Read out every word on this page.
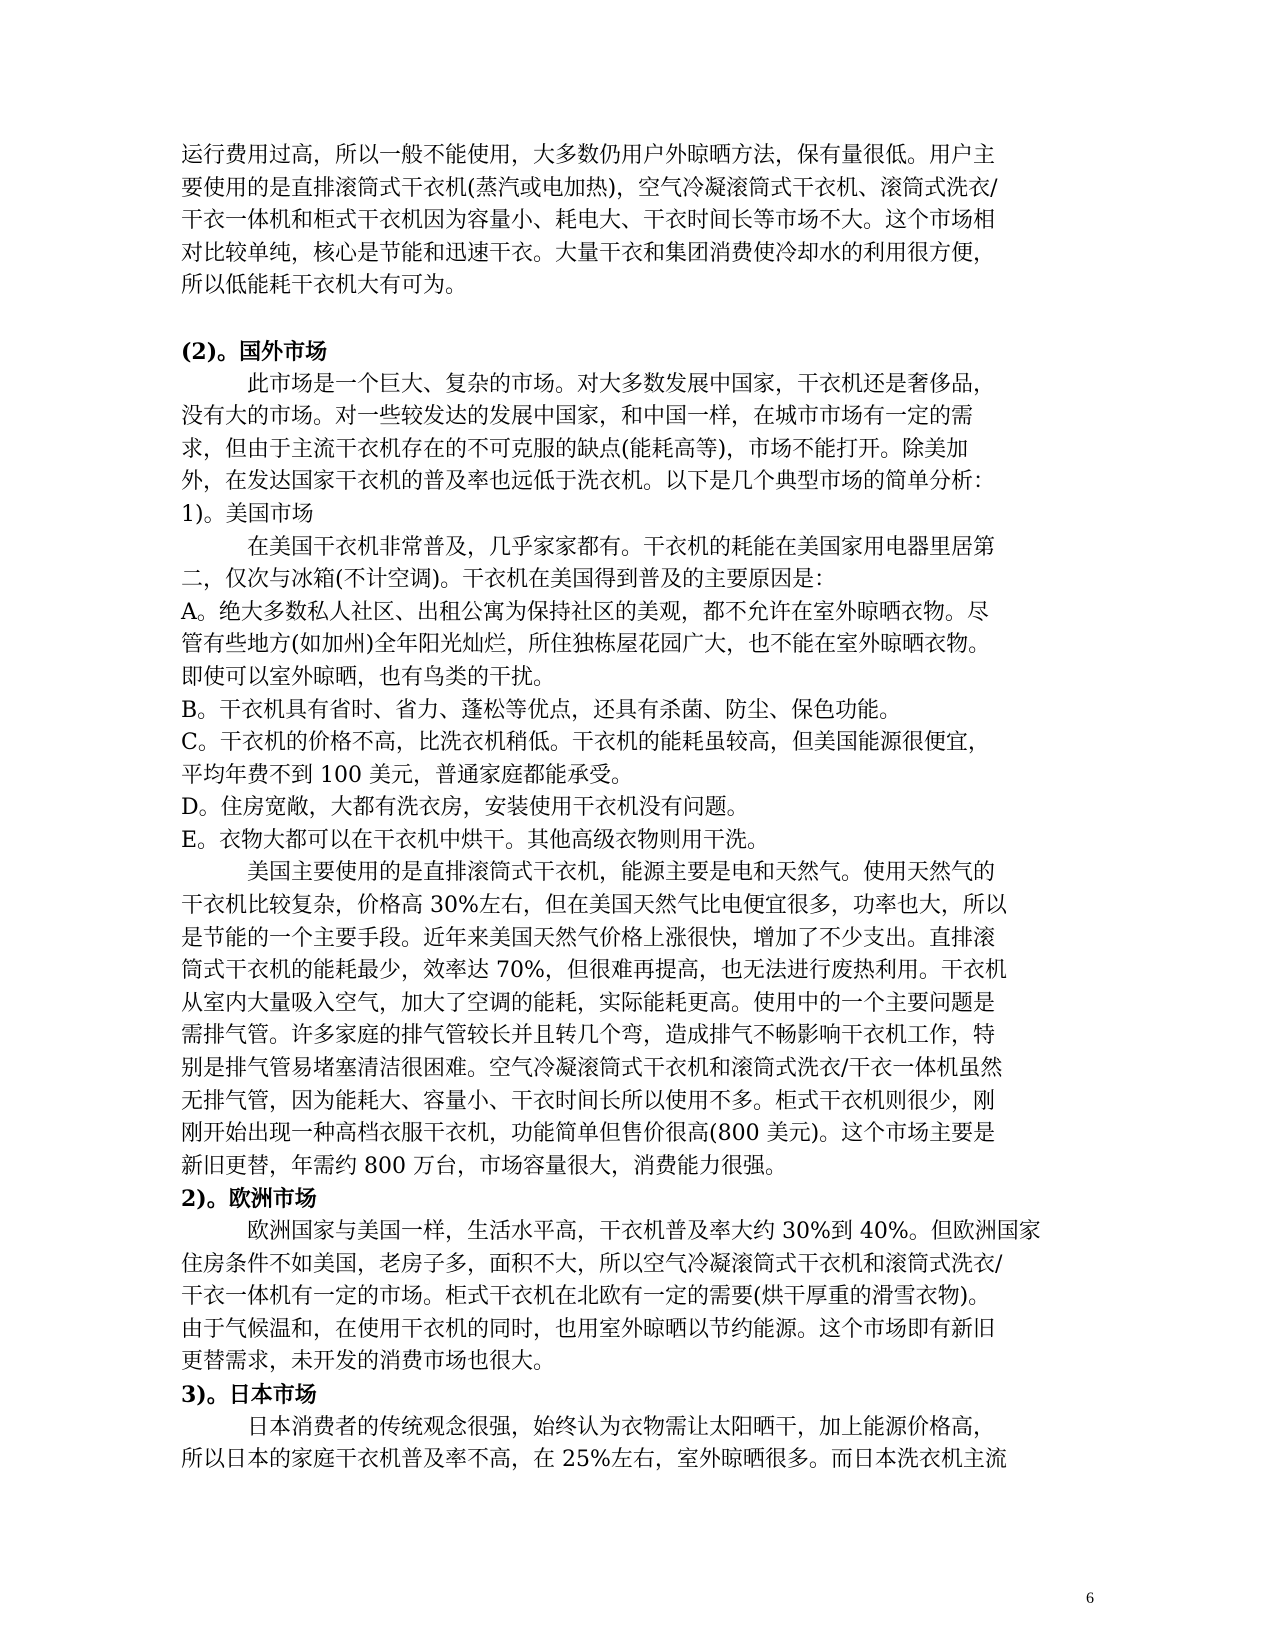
运行费用过高，所以一般不能使用，大多数仍用户外晾晒方法，保有量很低。用户主

要使用的是直排滚筒式干衣机(蒸汽或电加热)，空气冷凝滚筒式干衣机、滚筒式洗衣/

干衣一体机和柜式干衣机因为容量小、耗电大、干衣时间长等市场不大。这个市场相

对比较单纯，核心是节能和迅速干衣。大量干衣和集团消费使冷却水的利用很方便，

所以低能耗干衣机大有可为。

(2)。国外市场

此市场是一个巨大、复杂的市场。对大多数发展中国家，干衣机还是奢侈品，

没有大的市场。对一些较发达的发展中国家，和中国一样，在城市市场有一定的需

求，但由于主流干衣机存在的不可克服的缺点(能耗高等)，市场不能打开。除美加

外，在发达国家干衣机的普及率也远低于洗衣机。以下是几个典型市场的简单分析：

1)。美国市场

在美国干衣机非常普及，几乎家家都有。干衣机的耗能在美国家用电器里居第

二，仅次与冰箱(不计空调)。干衣机在美国得到普及的主要原因是：

A。绝大多数私人社区、出租公寓为保持社区的美观，都不允许在室外晾晒衣物。尽

管有些地方(如加州)全年阳光灿烂，所住独栋屋花园广大，也不能在室外晾晒衣物。

即使可以室外晾晒，也有鸟类的干扰。

B。干衣机具有省时、省力、蓬松等优点，还具有杀菌、防尘、保色功能。

C。干衣机的价格不高，比洗衣机稍低。干衣机的能耗虽较高，但美国能源很便宜，

平均年费不到 100 美元，普通家庭都能承受。

D。住房宽敞，大都有洗衣房，安装使用干衣机没有问题。

E。衣物大都可以在干衣机中烘干。其他高级衣物则用干洗。

美国主要使用的是直排滚筒式干衣机，能源主要是电和天然气。使用天然气的

干衣机比较复杂，价格高 30%左右，但在美国天然气比电便宜很多，功率也大，所以

是节能的一个主要手段。近年来美国天然气价格上涨很快，增加了不少支出。直排滚

筒式干衣机的能耗最少，效率达 70%，但很难再提高，也无法进行废热利用。干衣机

从室内大量吸入空气，加大了空调的能耗，实际能耗更高。使用中的一个主要问题是

需排气管。许多家庭的排气管较长并且转几个弯，造成排气不畅影响干衣机工作，特

别是排气管易堵塞清洁很困难。空气冷凝滚筒式干衣机和滚筒式洗衣/干衣一体机虽然

无排气管，因为能耗大、容量小、干衣时间长所以使用不多。柜式干衣机则很少，刚

刚开始出现一种高档衣服干衣机，功能简单但售价很高(800 美元)。这个市场主要是

新旧更替，年需约 800 万台，市场容量很大，消费能力很强。

2)。欧洲市场

欧洲国家与美国一样，生活水平高，干衣机普及率大约 30%到 40%。但欧洲国家

住房条件不如美国，老房子多，面积不大，所以空气冷凝滚筒式干衣机和滚筒式洗衣/

干衣一体机有一定的市场。柜式干衣机在北欧有一定的需要(烘干厚重的滑雪衣物)。

由于气候温和，在使用干衣机的同时，也用室外晾晒以节约能源。这个市场即有新旧

更替需求，未开发的消费市场也很大。

3)。日本市场

日本消费者的传统观念很强，始终认为衣物需让太阳晒干，加上能源价格高，

所以日本的家庭干衣机普及率不高，在 25%左右，室外晾晒很多。而日本洗衣机主流

6
